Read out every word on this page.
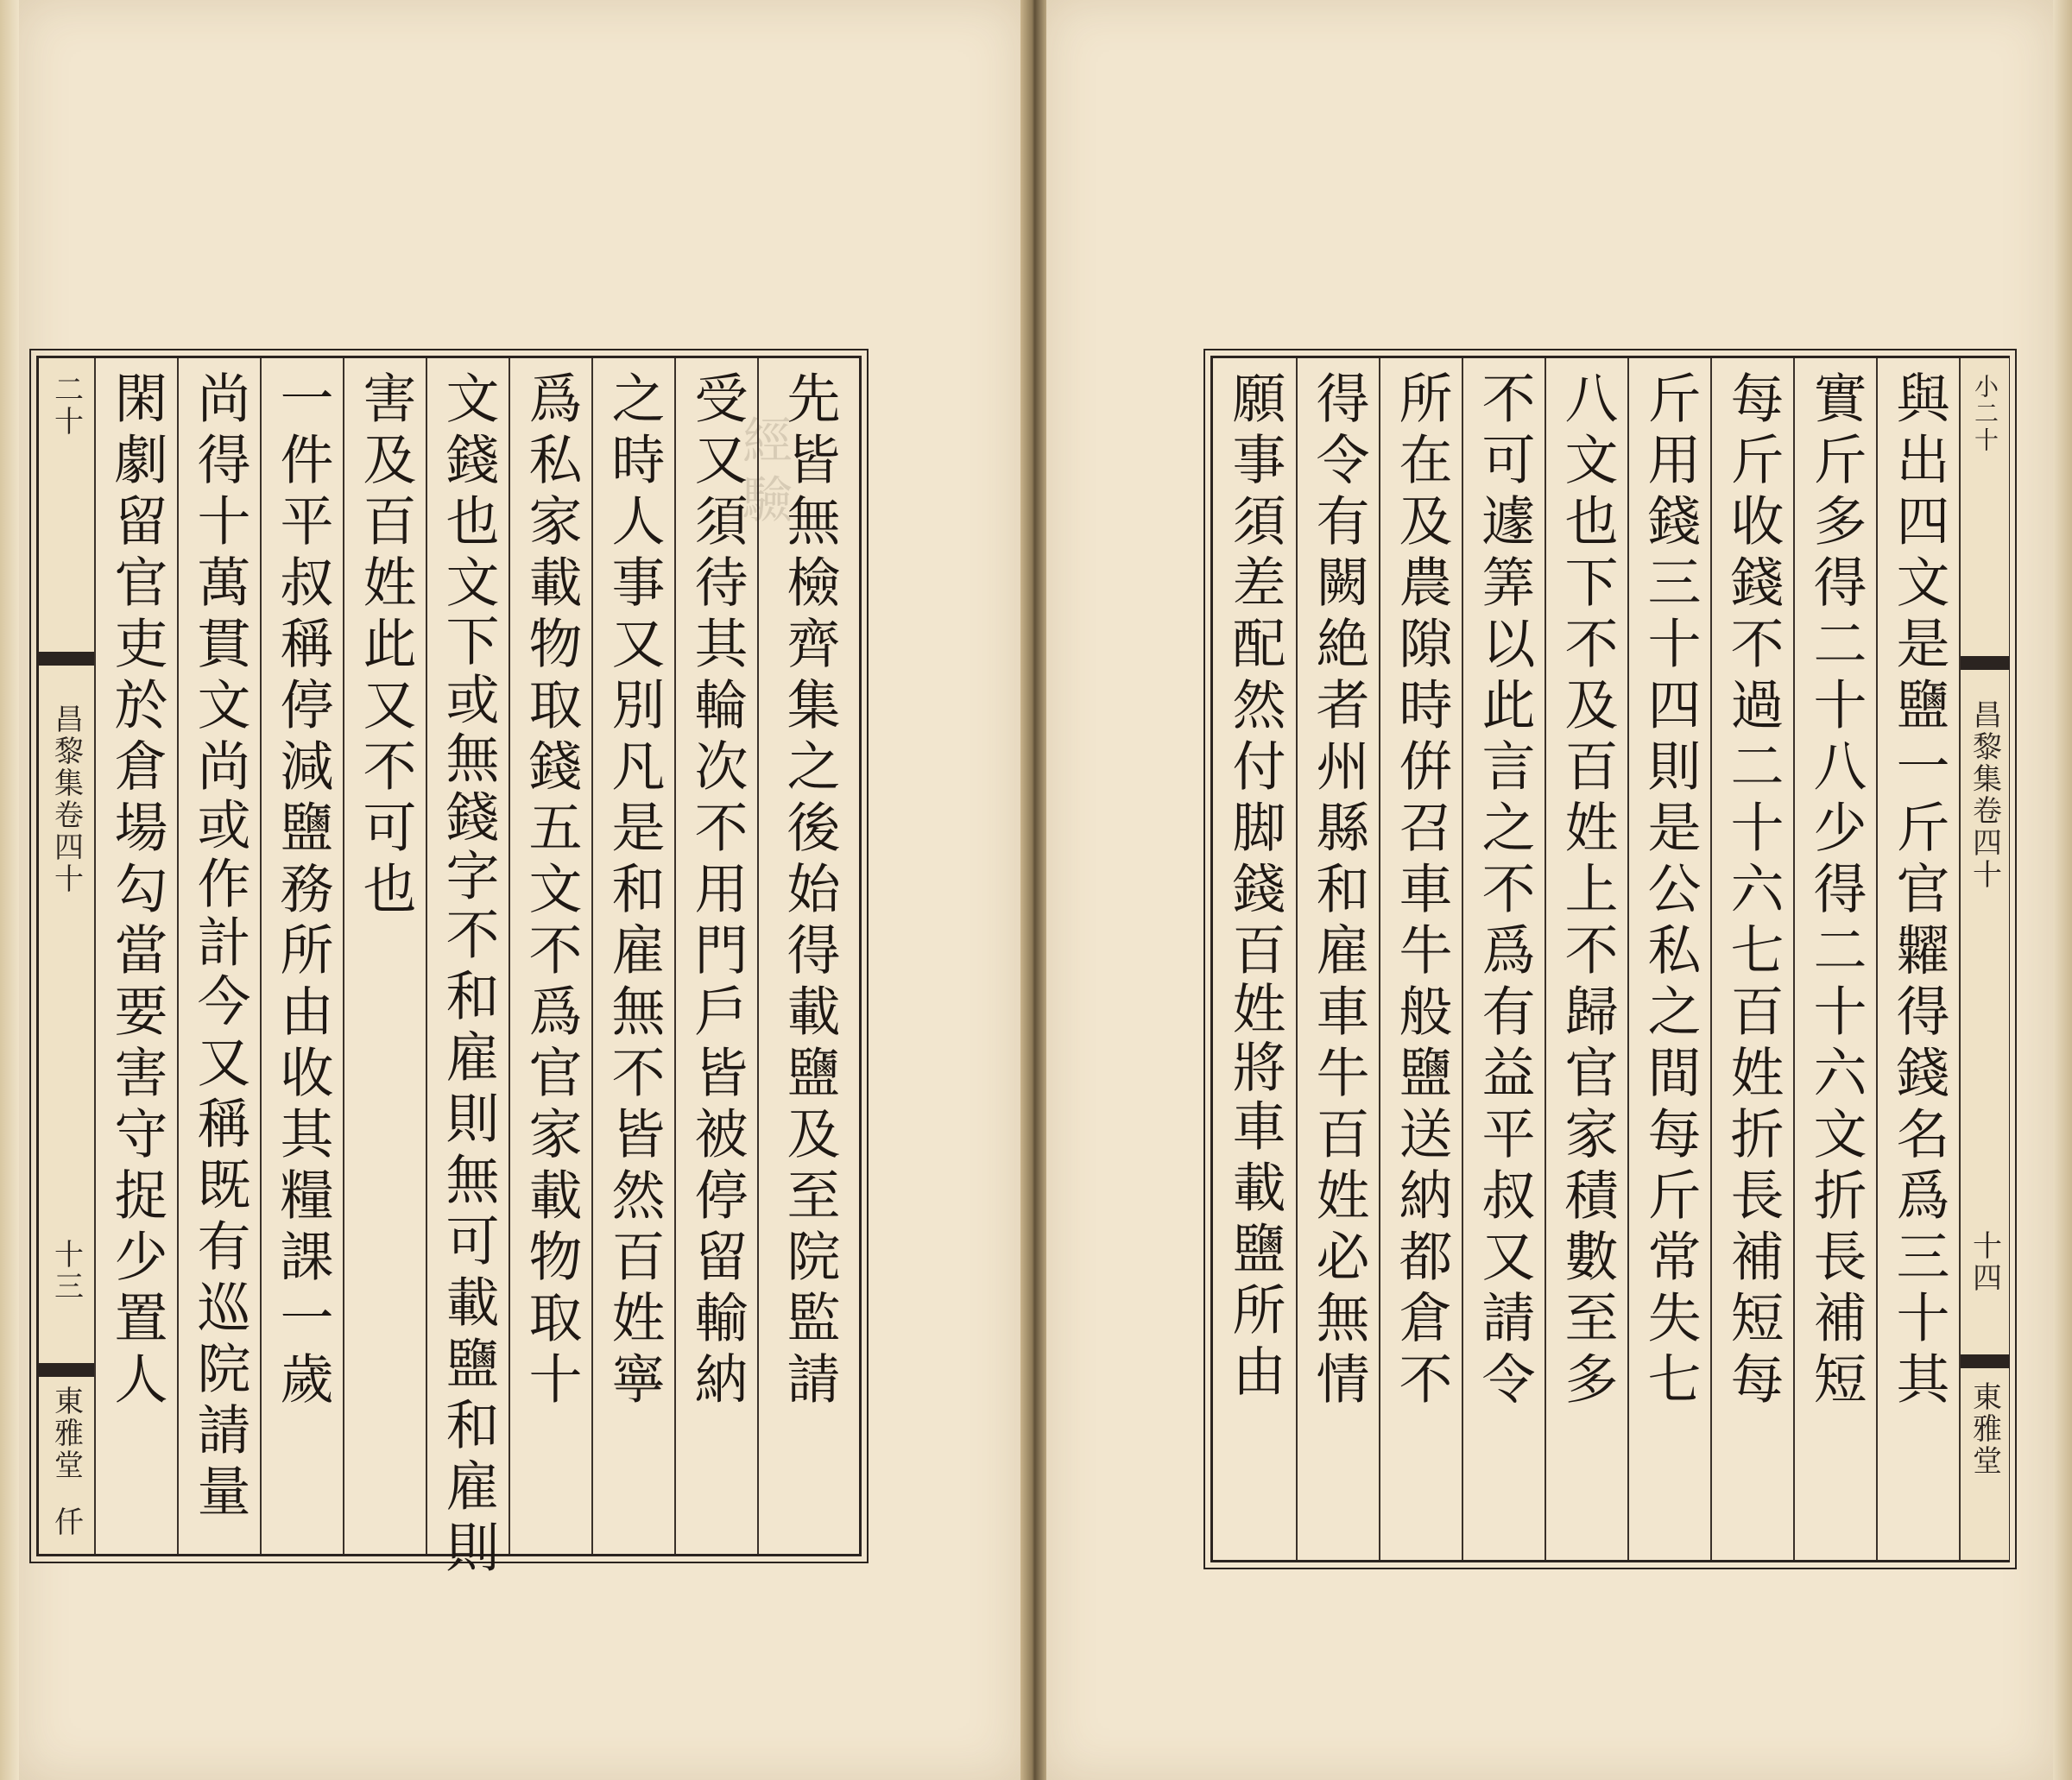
經驗
二十
昌黎集卷四十
十三
東雅堂
仟
閑劇留官吏於倉場勾當要害守捉少置人 尚得十萬貫文
尚或作計
今又稱既有巡院請量 一件平叔稱停減鹽務所由收其糧課一歲 害及百姓此又不可也 文錢也
文下或無錢字
不和雇則無可載鹽和雇則 爲私家載物取錢五文不爲官家載物取十 之時人事又別凡是和雇無不皆然百姓寧 受又須待其輪次不用門戶皆被停留輸納 先皆無檢齊集之後始得載鹽及至院監請	願事須差配然付脚錢
百姓將
車載鹽所由 得令有闕絶者州縣和雇車牛百姓必無情 所在及農隙時倂召車牛般鹽送納都倉不 不可遽筭以此言之不爲有益平叔又請令 八文也下不及百姓上不歸官家積數至多 斤用錢三十四則是公私之間每斤常失七 每斤收錢不過二十六七百姓折長補短每 實斤多得二十八少得二十六文折長補短 與出四文是鹽一斤官糶得錢名爲三十其 小二十
昌黎集卷四十
十四
東雅堂
